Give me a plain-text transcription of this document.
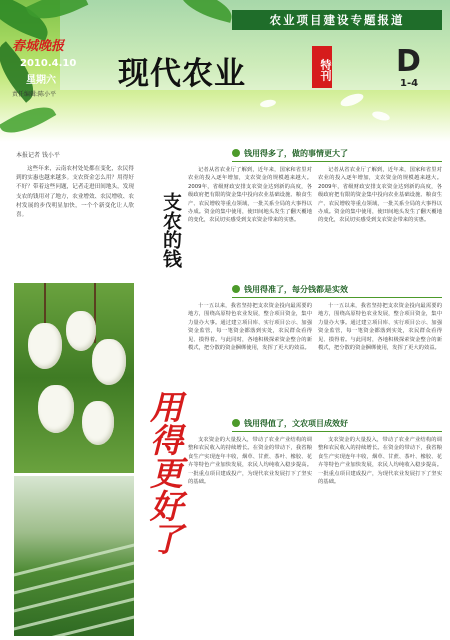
农业项目建设专题报道
春城晚报
2010.4.10
星期六
责任编辑:陈小平
现代农业	特刊 D
1-4
本报记者 钱小平
这些年来，云南农村处处都在变化，农民得到的实惠也越来越多。支农资金怎么用？用得好不好？带着这些问题，记者走进田间地头，发现支农的钱用对了地方，农业增效、农民增收、农村发展的步伐明显加快，一个个新变化让人欣喜。	支农的钱
用得更好了
钱用得多了，做的事情更大了
记者从省农业厅了解到，近年来，国家和省里对农业的投入逐年增加，支农资金的规模越来越大。2009年，省级财政安排支农资金达到新的高度，各级政府把有限的资金集中投向农业基础设施、粮食生产、农民增收等重点领域，一批关系全局的大事得以办成。资金的集中使用，使田间地头发生了翻天覆地的变化，农民切实感受到支农资金带来的实惠。
记者从省农业厅了解到，近年来，国家和省里对农业的投入逐年增加，支农资金的规模越来越大。2009年，省级财政安排支农资金达到新的高度，各级政府把有限的资金集中投向农业基础设施、粮食生产、农民增收等重点领域，一批关系全局的大事得以办成。资金的集中使用，使田间地头发生了翻天覆地的变化，农民切实感受到支农资金带来的实惠。
钱用得准了，每分钱都是实效
十一五以来，我省坚持把支农资金投向最需要的地方，围绕高原特色农业发展，整合项目资金，集中力量办大事。通过建立项目库、实行项目公示、加强资金监管，每一笔资金都落到实处，农民群众看得见、摸得着。与此同时，各地积极探索资金整合的新模式，把分散的资金捆绑使用，发挥了更大的效益。
十一五以来，我省坚持把支农资金投向最需要的地方，围绕高原特色农业发展，整合项目资金，集中力量办大事。通过建立项目库、实行项目公示、加强资金监管，每一笔资金都落到实处，农民群众看得见、摸得着。与此同时，各地积极探索资金整合的新模式，把分散的资金捆绑使用，发挥了更大的效益。
钱用得值了，文农项目成效好
支农资金的大量投入，带动了农业产业结构的调整和农民收入的持续增长。在资金的带动下，我省粮食生产实现连年丰收，烟草、甘蔗、茶叶、橡胶、花卉等特色产业加快发展，农民人均纯收入稳步提高。一批重点项目建成投产，为现代农业发展打下了坚实的基础。
支农资金的大量投入，带动了农业产业结构的调整和农民收入的持续增长。在资金的带动下，我省粮食生产实现连年丰收，烟草、甘蔗、茶叶、橡胶、花卉等特色产业加快发展，农民人均纯收入稳步提高。一批重点项目建成投产，为现代农业发展打下了坚实的基础。
